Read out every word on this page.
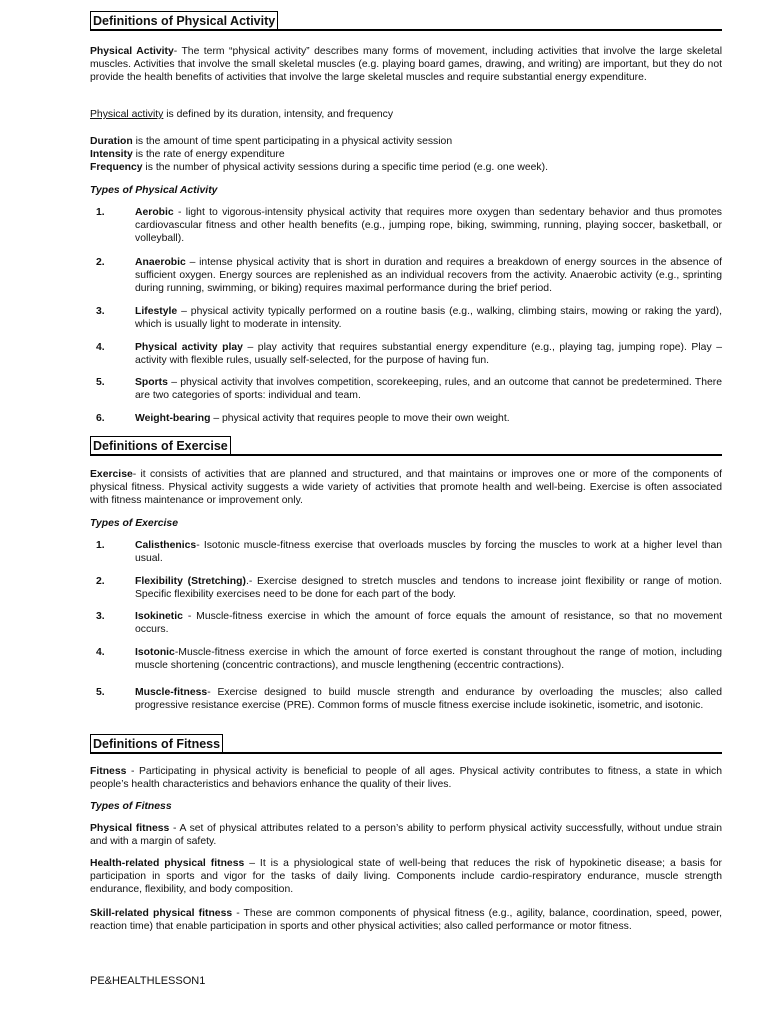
Definitions of Physical Activity

Physical Activity- The term “physical activity” describes many forms of movement, including activities that involve the large skeletal muscles. Activities that involve the small skeletal muscles (e.g. playing board games, drawing, and writing) are important, but they do not provide the health benefits of activities that involve the large skeletal muscles and require substantial energy expenditure.

Physical activity is defined by its duration, intensity, and frequency

Duration is the amount of time spent participating in a physical activity session

Intensity is the rate of energy expenditure

Frequency is the number of physical activity sessions during a specific time period (e.g. one week).

Types of Physical Activity

1.	Aerobic - light to vigorous-intensity physical activity that requires more oxygen than sedentary behavior and thus promotes cardiovascular fitness and other health benefits (e.g., jumping rope, biking, swimming, running, playing soccer, basketball, or volleyball).
2.	Anaerobic – intense physical activity that is short in duration and requires a breakdown of energy sources in the absence of sufficient oxygen. Energy sources are replenished as an individual recovers from the activity. Anaerobic activity (e.g., sprinting during running, swimming, or biking) requires maximal performance during the brief period.
3.	Lifestyle – physical activity typically performed on a routine basis (e.g., walking, climbing stairs, mowing or raking the yard), which is usually light to moderate in intensity.
4.	Physical activity play – play activity that requires substantial energy expenditure (e.g., playing tag, jumping rope). Play – activity with flexible rules, usually self-selected, for the purpose of having fun.
5.	Sports – physical activity that involves competition, scorekeeping, rules, and an outcome that cannot be predetermined. There are two categories of sports: individual and team.
6.	Weight-bearing – physical activity that requires people to move their own weight.
Definitions of Exercise

Exercise- it consists of activities that are planned and structured, and that maintains or improves one or more of the components of physical fitness. Physical activity suggests a wide variety of activities that promote health and well-being. Exercise is often associated with fitness maintenance or improvement only.

Types of Exercise

1.	Calisthenics- Isotonic muscle-fitness exercise that overloads muscles by forcing the muscles to work at a higher level than usual.
2.	Flexibility (Stretching).- Exercise designed to stretch muscles and tendons to increase joint flexibility or range of motion. Specific flexibility exercises need to be done for each part of the body.
3.	Isokinetic - Muscle-fitness exercise in which the amount of force equals the amount of resistance, so that no movement occurs.
4.	Isotonic-Muscle-fitness exercise in which the amount of force exerted is constant throughout the range of motion, including muscle shortening (concentric contractions), and muscle lengthening (eccentric contractions).
5.	Muscle-fitness- Exercise designed to build muscle strength and endurance by overloading the muscles; also called progressive resistance exercise (PRE). Common forms of muscle fitness exercise include isokinetic, isometric, and isotonic.
Definitions of Fitness

Fitness - Participating in physical activity is beneficial to people of all ages. Physical activity contributes to fitness, a state in which people’s health characteristics and behaviors enhance the quality of their lives.

Types of Fitness

Physical fitness - A set of physical attributes related to a person’s ability to perform physical activity successfully, without undue strain and with a margin of safety.

Health-related physical fitness – It is a physiological state of well-being that reduces the risk of hypokinetic disease; a basis for participation in sports and vigor for the tasks of daily living. Components include cardio-respiratory endurance, muscle strength endurance, flexibility, and body composition.

Skill-related physical fitness - These are common components of physical fitness (e.g., agility, balance, coordination, speed, power, reaction time) that enable participation in sports and other physical activities; also called performance or motor fitness.

PE&HEALTHLESSON1
